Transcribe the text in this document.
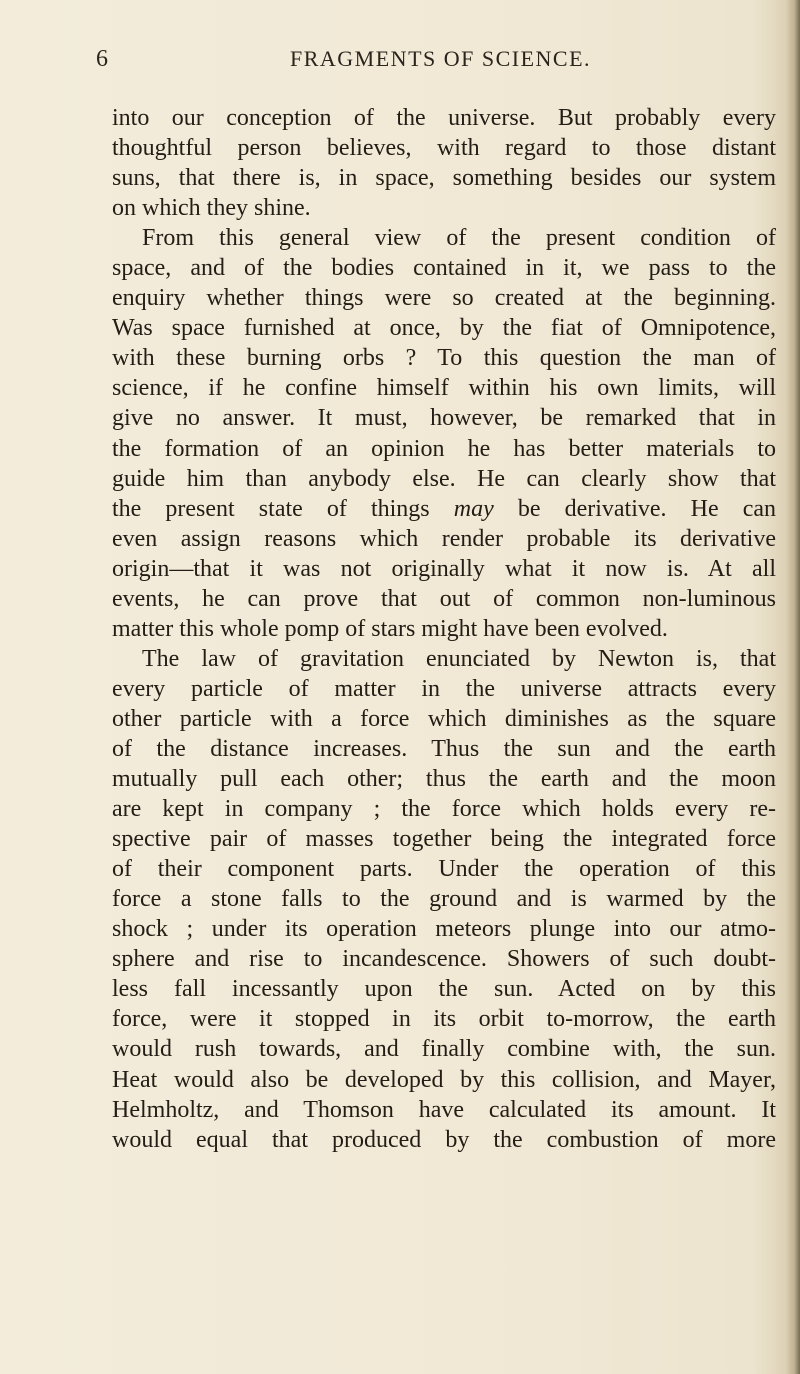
6	FRAGMENTS OF SCIENCE.
into our conception of the universe. But probably every
thoughtful person believes, with regard to those distant
suns, that there is, in space, something besides our system
on which they shine.
From this general view of the present condition of
space, and of the bodies contained in it, we pass to the
enquiry whether things were so created at the beginning.
Was space furnished at once, by the fiat of Omnipotence,
with these burning orbs ? To this question the man of
science, if he confine himself within his own limits, will
give no answer. It must, however, be remarked that in
the formation of an opinion he has better materials to
guide him than anybody else. He can clearly show that
the present state of things may be derivative. He can
even assign reasons which render probable its derivative
origin—that it was not originally what it now is. At all
events, he can prove that out of common non-luminous
matter this whole pomp of stars might have been evolved.
The law of gravitation enunciated by Newton is, that
every particle of matter in the universe attracts every
other particle with a force which diminishes as the square
of the distance increases. Thus the sun and the earth
mutually pull each other; thus the earth and the moon
are kept in company ; the force which holds every re-
spective pair of masses together being the integrated force
of their component parts. Under the operation of this
force a stone falls to the ground and is warmed by the
shock ; under its operation meteors plunge into our atmo-
sphere and rise to incandescence. Showers of such doubt-
less fall incessantly upon the sun. Acted on by this
force, were it stopped in its orbit to-morrow, the earth
would rush towards, and finally combine with, the sun.
Heat would also be developed by this collision, and Mayer,
Helmholtz, and Thomson have calculated its amount. It
would equal that produced by the combustion of more
